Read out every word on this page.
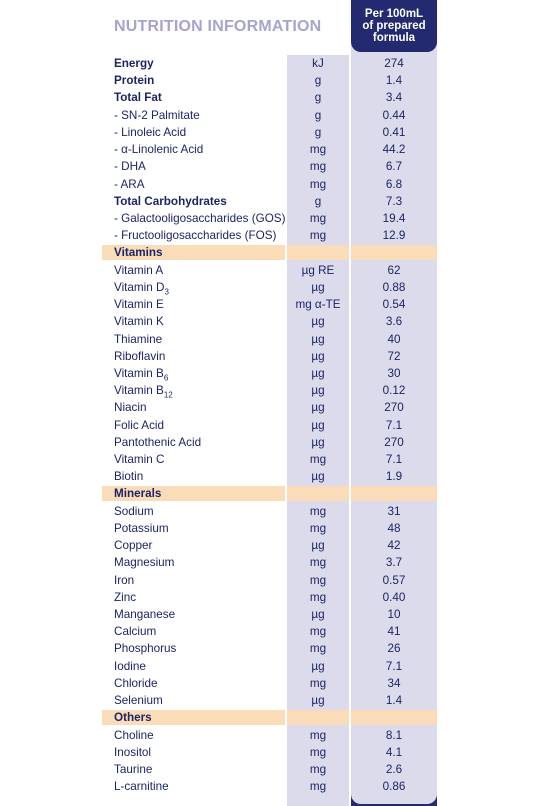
NUTRITION INFORMATION
Per 100mL
of prepared
formula
Energy	kJ	274
Protein	g	1.4
Total Fat	g	3.4
- SN-2 Palmitate	g	0.44
- Linoleic Acid	g	0.41
- α-Linolenic Acid	mg	44.2
- DHA	mg	6.7
- ARA	mg	6.8
Total Carbohydrates	g	7.3
- Galactooligosaccharides (GOS)	mg	19.4
- Fructooligosaccharides (FOS)	mg	12.9
Vitamins
Vitamin A	µg RE	62
Vitamin $D_3$	µg	0.88
Vitamin E	mg α-TE	0.54
Vitamin K	µg	3.6
Thiamine	µg	40
Riboflavin	µg	72
Vitamin $B_6$	µg	30
Vitamin $B_{12}$	µg	0.12
Niacin	µg	270
Folic Acid	µg	7.1
Pantothenic Acid	µg	270
Vitamin C	mg	7.1
Biotin	µg	1.9
Minerals
Sodium	mg	31
Potassium	mg	48
Copper	µg	42
Magnesium	mg	3.7
Iron	mg	0.57
Zinc	mg	0.40
Manganese	µg	10
Calcium	mg	41
Phosphorus	mg	26
Iodine	µg	7.1
Chloride	mg	34
Selenium	µg	1.4
Others
Choline	mg	8.1
Inositol	mg	4.1
Taurine	mg	2.6
L-carnitine	mg	0.86
